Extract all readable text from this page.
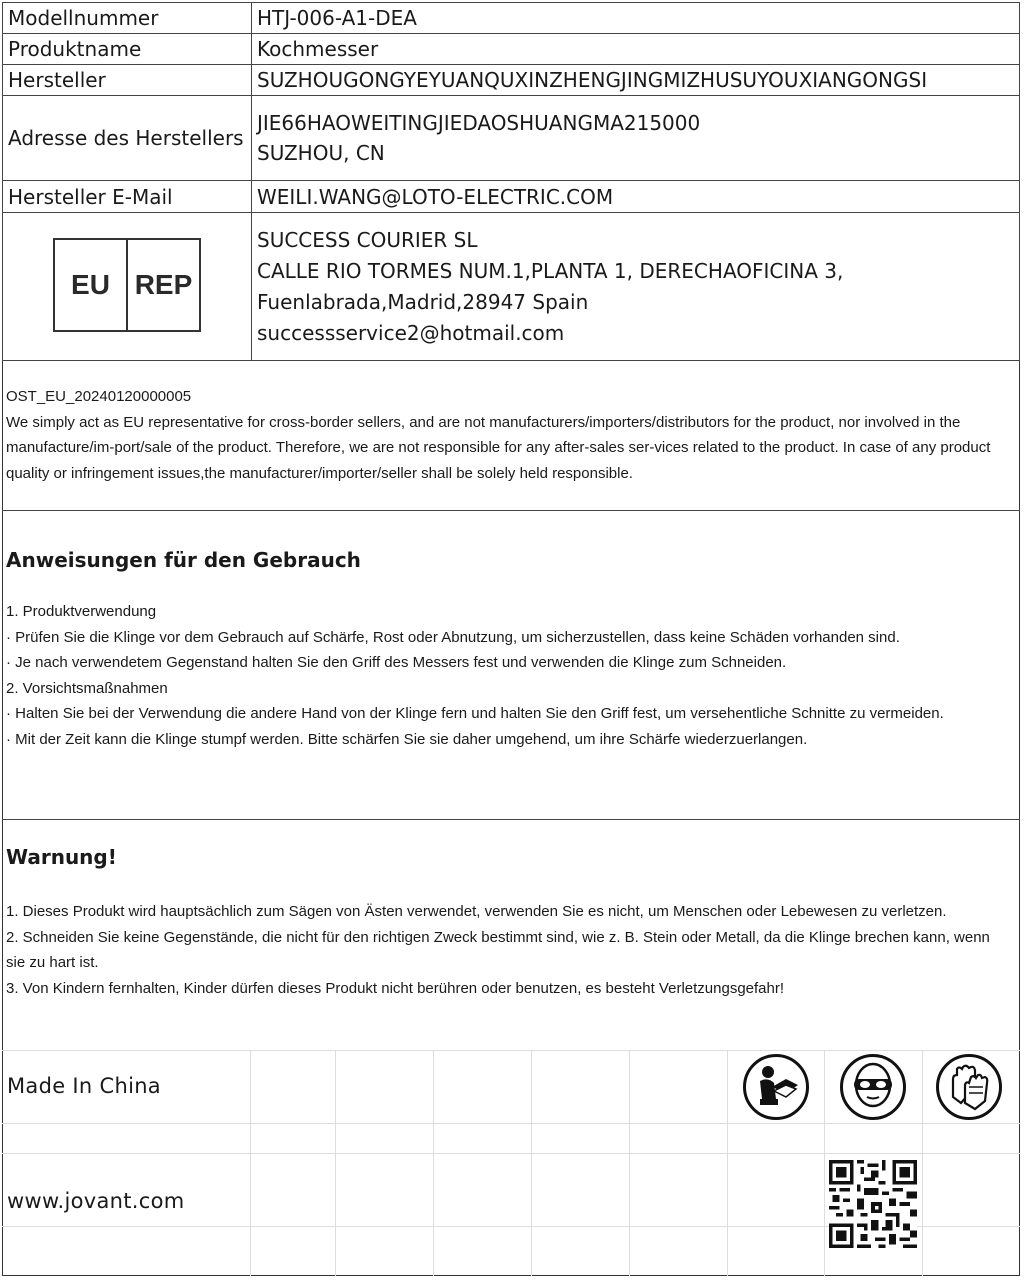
Modellnummer	HTJ-006-A1-DEA
Produktname	Kochmesser
Hersteller	SUZHOUGONGYEYUANQUXINZHENGJINGMIZHUSUYOUXIANGONGSI
Adresse des Herstellers	JIE66HAOWEITINGJIEDAOSHUANGMA215000
SUZHOU, CN

Hersteller E-Mail	WEILI.WANG@LOTO-ELECTRIC.COM

	SUCCESS COURIER SL
CALLE RIO TORMES NUM.1,PLANTA 1, DERECHAOFICINA 3,
Fuenlabrada,Madrid,28947 Spain
successservice2@hotmail.com
EU REP
OST_EU_20240120000005
We simply act as EU representative for cross-border sellers, and are not manufacturers/importers/distributors for the product, nor involved in the manufacture/im-port/sale of the product. Therefore, we are not responsible for any after-sales ser-vices related to the product. In case of any product quality or infringement issues,the manufacturer/importer/seller shall be solely held responsible.
Anweisungen für den Gebrauch
1. Produktverwendung
· Prüfen Sie die Klinge vor dem Gebrauch auf Schärfe, Rost oder Abnutzung, um sicherzustellen, dass keine Schäden vorhanden sind.
· Je nach verwendetem Gegenstand halten Sie den Griff des Messers fest und verwenden die Klinge zum Schneiden.
2. Vorsichtsmaßnahmen
· Halten Sie bei der Verwendung die andere Hand von der Klinge fern und halten Sie den Griff fest, um versehentliche Schnitte zu vermeiden.
· Mit der Zeit kann die Klinge stumpf werden. Bitte schärfen Sie sie daher umgehend, um ihre Schärfe wiederzuerlangen.
Warnung!
1. Dieses Produkt wird hauptsächlich zum Sägen von Ästen verwendet, verwenden Sie es nicht, um Menschen oder Lebewesen zu verletzen.
2. Schneiden Sie keine Gegenstände, die nicht für den richtigen Zweck bestimmt sind, wie z. B. Stein oder Metall, da die Klinge brechen kann, wenn sie zu hart ist.
3. Von Kindern fernhalten, Kinder dürfen dieses Produkt nicht berühren oder benutzen, es besteht Verletzungsgefahr!
Made In China
www.jovant.com
